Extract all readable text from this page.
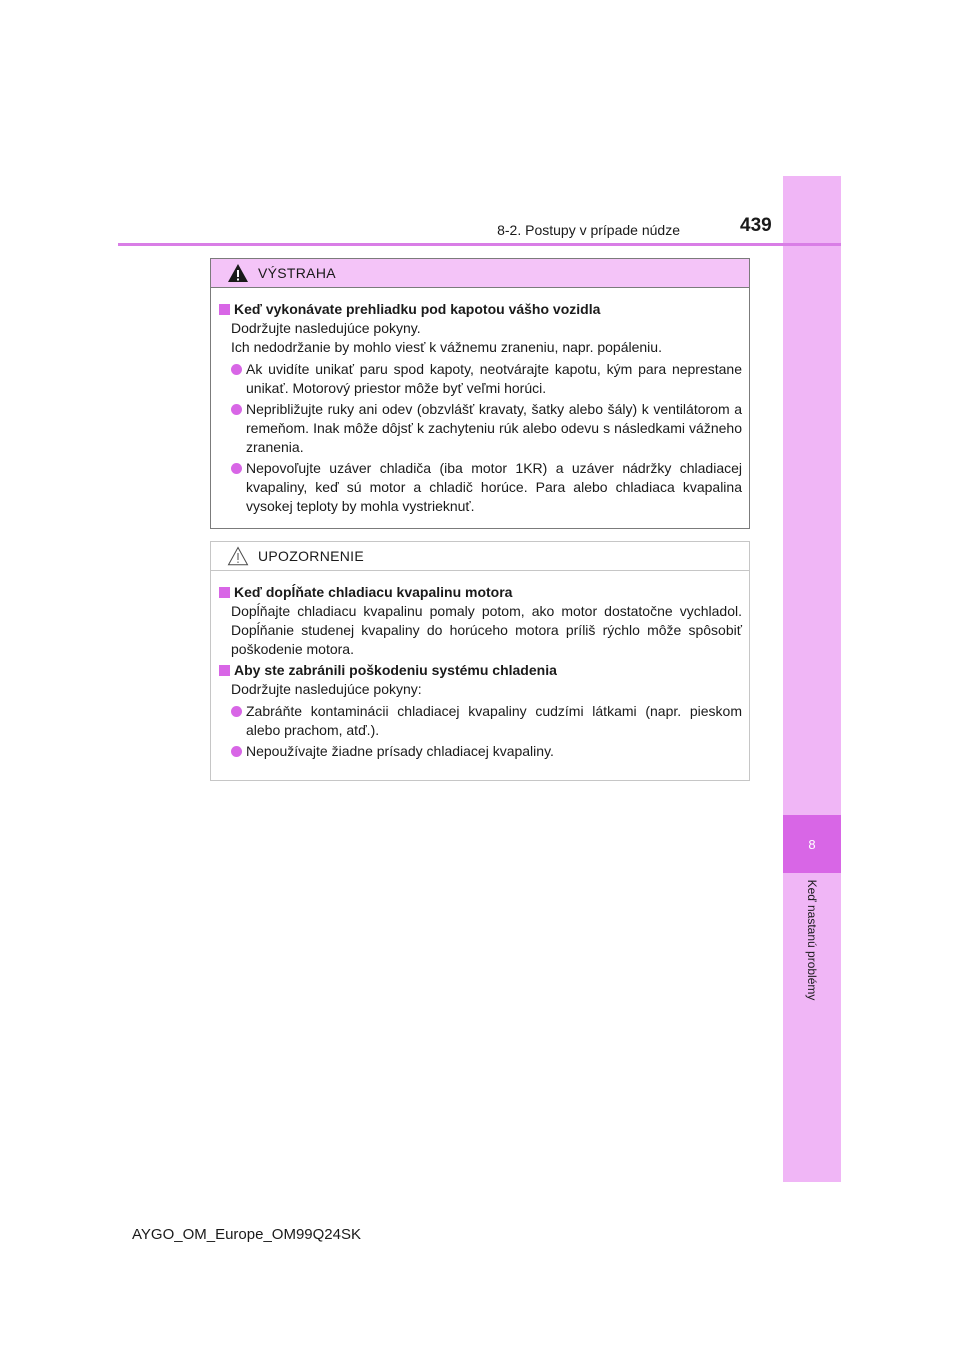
8
Keď nastanú problémy
8-2. Postupy v prípade núdze	439
VÝSTRAHA
Keď vykonávate prehliadku pod kapotou vášho vozidla
Dodržujte nasledujúce pokyny.
Ich nedodržanie by mohlo viesť k vážnemu zraneniu, napr. popáleniu.
Ak uvidíte unikať paru spod kapoty, neotvárajte kapotu, kým para neprestane unikať. Motorový priestor môže byť veľmi horúci.
Nepribližujte ruky ani odev (obzvlášť kravaty, šatky alebo šály) k ventilátorom a remeňom. Inak môže dôjsť k zachyteniu rúk alebo odevu s následkami vážneho zranenia.
Nepovoľujte uzáver chladiča (iba motor 1KR) a uzáver nádržky chladiacej kvapaliny, keď sú motor a chladič horúce. Para alebo chladiaca kvapalina vysokej teploty by mohla vystrieknuť.
UPOZORNENIE
Keď dopĺňate chladiacu kvapalinu motora
Dopĺňajte chladiacu kvapalinu pomaly potom, ako motor dostatočne vychladol. Dopĺňanie studenej kvapaliny do horúceho motora príliš rýchlo môže spôsobiť poškodenie motora.
Aby ste zabránili poškodeniu systému chladenia
Dodržujte nasledujúce pokyny:
Zabráňte kontaminácii chladiacej kvapaliny cudzími látkami (napr. pieskom alebo prachom, atď.).
Nepoužívajte žiadne prísady chladiacej kvapaliny.
AYGO_OM_Europe_OM99Q24SK
